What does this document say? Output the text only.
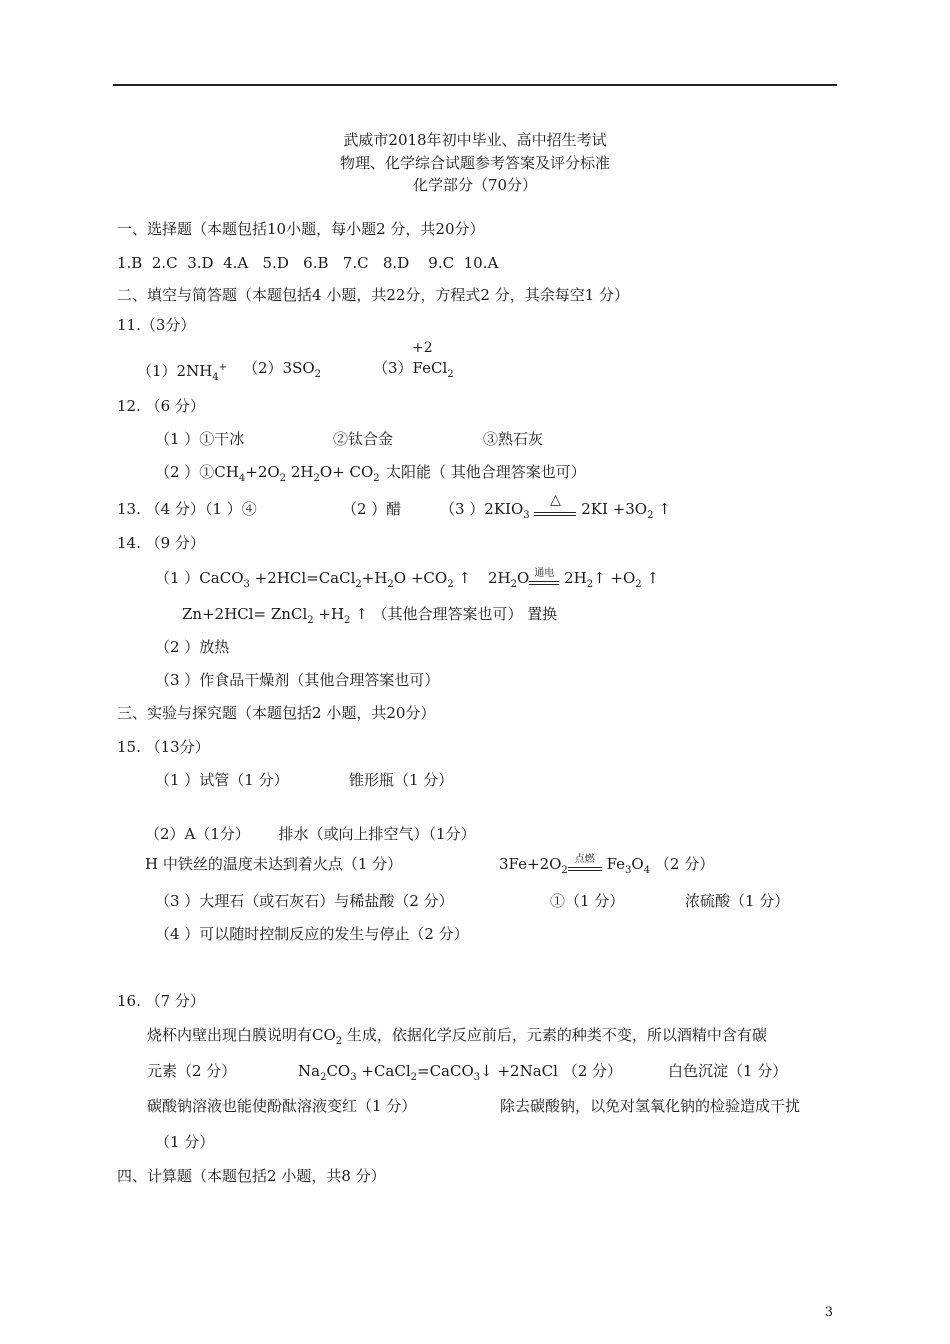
武威市2018年初中毕业、高中招生考试
物理、化学综合试题参考答案及评分标准
化学部分（70分）
一、选择题（本题包括10小题，每小题2 分，共20分）
1.B  2.C  3.D  4.A   5.D   6.B   7.C   8.D    9.C  10.A
二、填空与简答题（本题包括4 小题，共22分，方程式2 分，其余每空1 分）
11.（3分）
+2
$(1)2NH_4^+$ $(2)3SO_2$	（3）FeCl$_2$
12. （6 分）
（1 ）①干冰	②钛合金	③熟石灰
（2 ）$①CH_4+2O_2$ $2H_2O+ CO_2$ 太阳能（ 其他合理答案也可）
13. （4 分）（1 ）④	（2 ）醋	（3 ）$2KIO_3$
△	$2KI +3O_2$ ↑
14. （9 分）
（1 ）CaCO$_3$ $+2HCl=CaCl_2+H_2O +CO_2$ ↑ $2H_2O$ 通电 $2H_2↑ +O_2$ ↑
Zn+2HCl= ZnCl$_2$ $+H_2$ ↑ （其他合理答案也可） 置换
（2 ）放热
（3 ）作食品干燥剂（其他合理答案也可）
三、实验与探究题（本题包括2 小题，共20分）
15. （13分）
（1 ）试管（1 分）	锥形瓶（1 分）
（2）A（1分）      排水（或向上排空气）（1分）
H 中铁丝的温度未达到着火点（1 分）	$3Fe+2O_2$
点燃 $Fe_3O_4$ （2 分）
（3 ）大理石（或石灰石）与稀盐酸（2 分）	①（1 分）	浓硫酸（1 分）
（4 ）可以随时控制反应的发生与停止（2 分）
16. （7 分）
烧杯内壁出现白膜说明有$CO_2$ 生成，依据化学反应前后，元素的种类不变，所以酒精中含有碳
元素（2 分）	$Na_2CO_3$ +CaCl$_2$=CaCO$_3$↓ +2NaCl （2 分）	白色沉淀（1 分）
碳酸钠溶液也能使酚酞溶液变红（1 分）	除去碳酸钠，以免对氢氧化钠的检验造成干扰
（1 分）
四、计算题（本题包括2 小题，共8 分）
3
